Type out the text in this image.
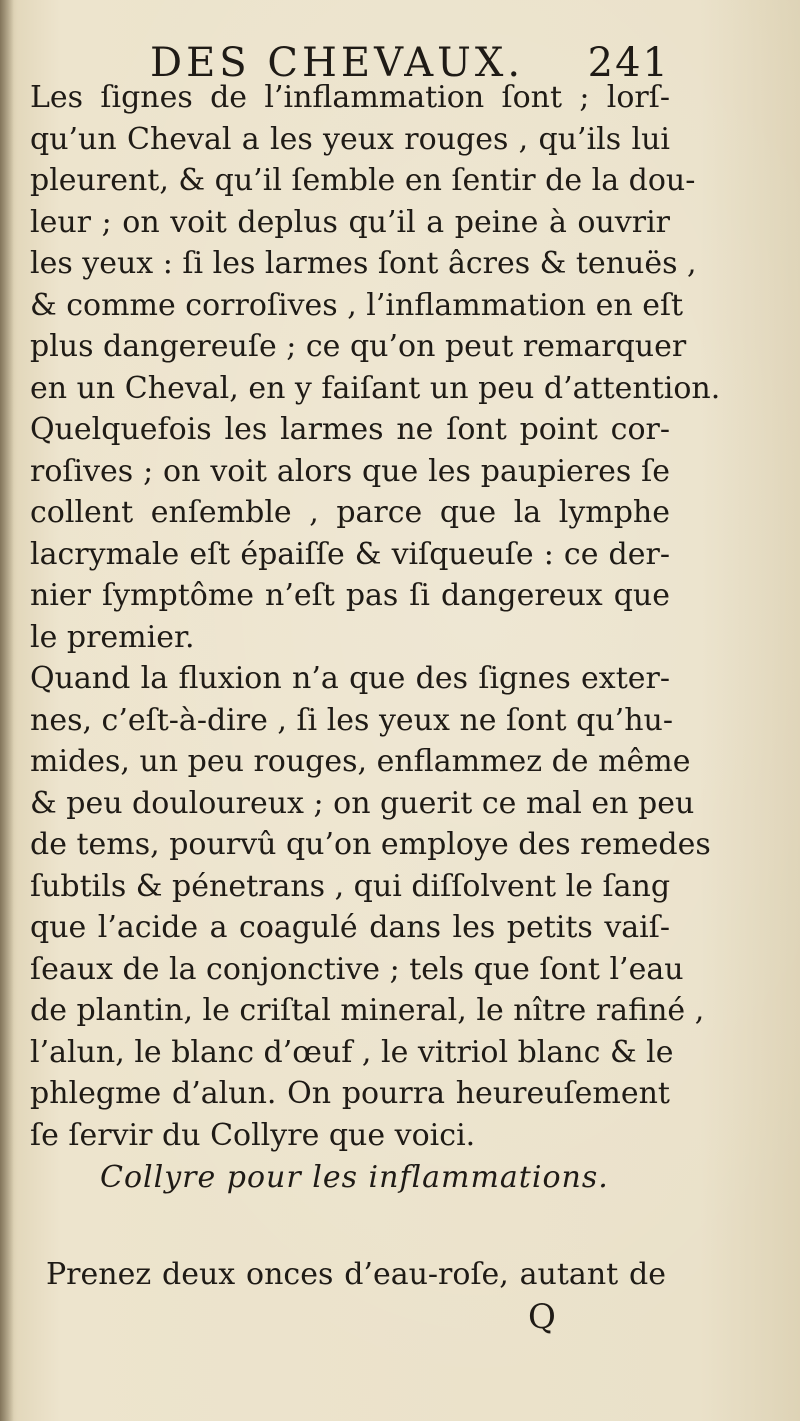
DES CHEVAUX. 241
Les ſignes de l’inflammation ſont ; lorſ-
qu’un Cheval a les yeux rouges , qu’ils lui
pleurent, & qu’il ſemble en ſentir de la dou-
leur ; on voit deplus qu’il a peine à ouvrir
les yeux : ſi les larmes ſont âcres & tenuës ,
& comme corroſives , l’inflammation en eſt
plus dangereuſe ; ce qu’on peut remarquer
en un Cheval, en y faiſant un peu d’attention.
Quelquefois les larmes ne ſont point cor-
roſives ; on voit alors que les paupieres ſe
collent enſemble , parce que la lymphe
lacrymale eſt épaiſſe & viſqueuſe : ce der-
nier ſymptôme n’eſt pas ſi dangereux que
le premier.
Quand la fluxion n’a que des ſignes exter-
nes, c’eſt-à-dire , ſi les yeux ne ſont qu’hu-
mides, un peu rouges, enflammez de même
& peu douloureux ; on guerit ce mal en peu
de tems, pourvû qu’on employe des remedes
ſubtils & pénetrans , qui diſſolvent le ſang
que l’acide a coagulé dans les petits vaiſ-
ſeaux de la conjonctive ; tels que ſont l’eau
de plantin, le criſtal mineral, le nître rafiné ,
l’alun, le blanc d’œuf , le vitriol blanc & le
phlegme d’alun. On pourra heureuſement
ſe ſervir du Collyre que voici.
Collyre pour les inflammations.
Prenez deux onces d’eau-roſe, autant de
Q
